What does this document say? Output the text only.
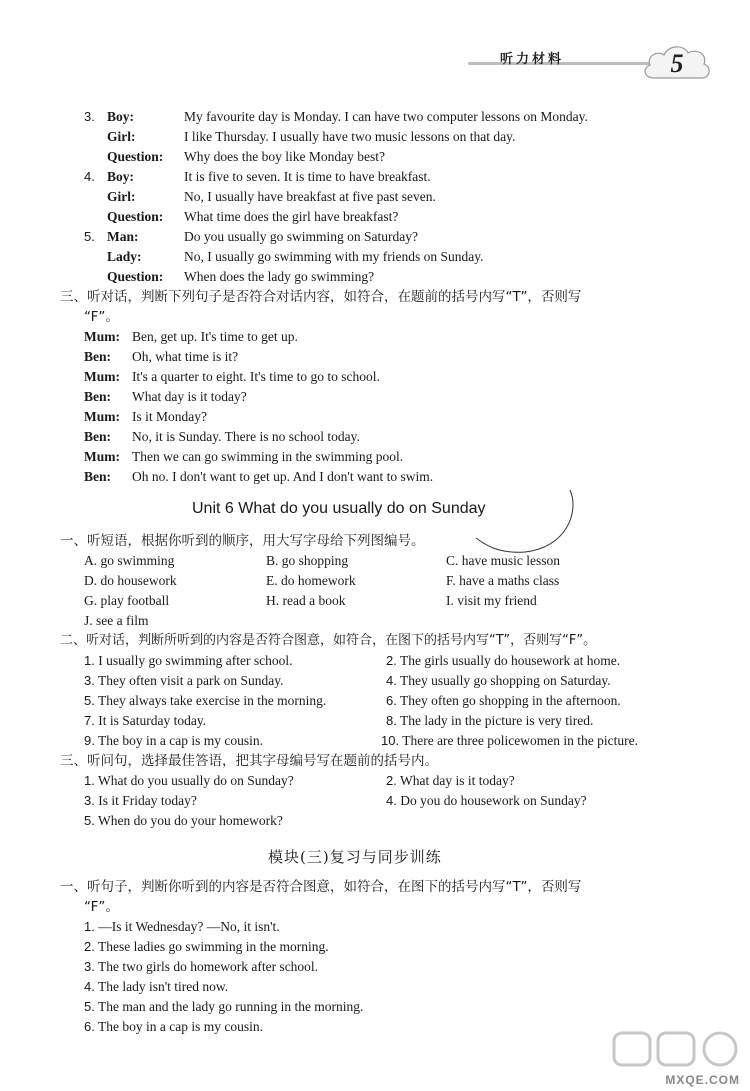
听力材料	5
3. Boy:	My favourite day is Monday. I can have two computer lessons on Monday.
Girl:	I like Thursday. I usually have two music lessons on that day.
Question: Why does the boy like Monday best?
4. Boy:	It is five to seven. It is time to have breakfast.
Girl:	No, I usually have breakfast at five past seven.
Question: What time does the girl have breakfast?
5. Man:	Do you usually go swimming on Saturday?
Lady:	No, I usually go swimming with my friends on Sunday.
Question: When does the lady go swimming?
三、听对话，判断下列句子是否符合对话内容，如符合，在题前的括号内写“T”，否则写
“F”。
Mum: Ben, get up. It's time to get up.
Ben: Oh, what time is it?
Mum: It's a quarter to eight. It's time to go to school.
Ben: What day is it today?
Mum: Is it Monday?
Ben: No, it is Sunday. There is no school today.
Mum: Then we can go swimming in the swimming pool.
Ben: Oh no. I don't want to get up. And I don't want to swim.
Unit 6 What do you usually do on Sunday
一、听短语，根据你听到的顺序，用大写字母给下列图编号。
A. go swimming	B. go shopping	C. have music lesson
D. do housework	E. do homework	F. have a maths class
G. play football	H. read a book	I. visit my friend
J. see a film
二、听对话，判断所听到的内容是否符合图意，如符合，在图下的括号内写“T”，否则写“F”。
1. I usually go swimming after school.	2. The girls usually do housework at home.
3. They often visit a park on Sunday.	4. They usually go shopping on Saturday.
5. They always take exercise in the morning.	6. They often go shopping in the afternoon.
7. It is Saturday today.	8. The lady in the picture is very tired.
9. The boy in a cap is my cousin.	10. There are three policewomen in the picture.
三、听问句，选择最佳答语，把其字母编号写在题前的括号内。
1. What do you usually do on Sunday?	2. What day is it today?
3. Is it Friday today?	4. Do you do housework on Sunday?
5. When do you do your homework?
模块(三)复习与同步训练
一、听句子，判断你听到的内容是否符合图意，如符合，在图下的括号内写“T”，否则写
“F”。
1. —Is it Wednesday? —No, it isn't.
2. These ladies go swimming in the morning.
3. The two girls do homework after school.
4. The lady isn't tired now.
5. The man and the lady go running in the morning.
6. The boy in a cap is my cousin.
MXQE.COM
